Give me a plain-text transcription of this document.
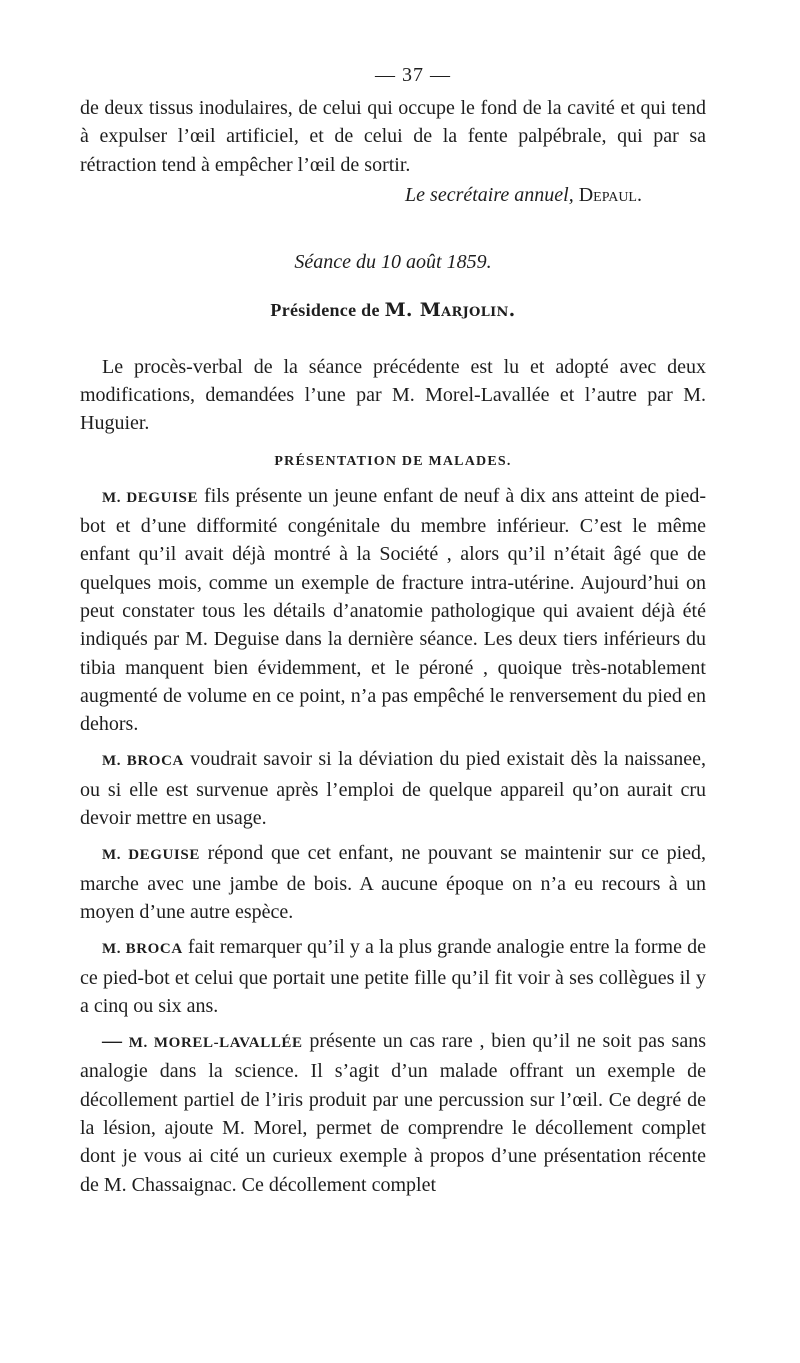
— 37 —

de deux tissus inodulaires, de celui qui occupe le fond de la cavité et qui tend à expulser l’œil artificiel, et de celui de la fente palpébrale, qui par sa rétraction tend à empêcher l’œil de sortir.

Le secrétaire annuel, Depaul.
Séance du 10 août 1859.
Présidence de M. Marjolin.

Le procès-verbal de la séance précédente est lu et adopté avec deux modifications, demandées l’une par M. Morel-Lavallée et l’autre par M. Huguier.

PRÉSENTATION DE MALADES.

M. DEGUISE fils présente un jeune enfant de neuf à dix ans atteint de pied-bot et d’une difformité congénitale du membre inférieur. C’est le même enfant qu’il avait déjà montré à la Société , alors qu’il n’était âgé que de quelques mois, comme un exemple de fracture intra-utérine. Aujourd’hui on peut constater tous les détails d’anatomie pathologique qui avaient déjà été indiqués par M. Deguise dans la dernière séance. Les deux tiers inférieurs du tibia manquent bien évidemment, et le péroné , quoique très-notablement augmenté de volume en ce point, n’a pas empêché le renversement du pied en dehors.

M. BROCA voudrait savoir si la déviation du pied existait dès la naissanee, ou si elle est survenue après l’emploi de quelque appareil qu’on aurait cru devoir mettre en usage.

M. DEGUISE répond que cet enfant, ne pouvant se maintenir sur ce pied, marche avec une jambe de bois. A aucune époque on n’a eu recours à un moyen d’une autre espèce.

M. BROCA fait remarquer qu’il y a la plus grande analogie entre la forme de ce pied-bot et celui que portait une petite fille qu’il fit voir à ses collègues il y a cinq ou six ans.

— M. MOREL-LAVALLÉE présente un cas rare , bien qu’il ne soit pas sans analogie dans la science. Il s’agit d’un malade offrant un exemple de décollement partiel de l’iris produit par une percussion sur l’œil. Ce degré de la lésion, ajoute M. Morel, permet de comprendre le décollement complet dont je vous ai cité un curieux exemple à propos d’une présentation récente de M. Chassaignac. Ce décollement complet
